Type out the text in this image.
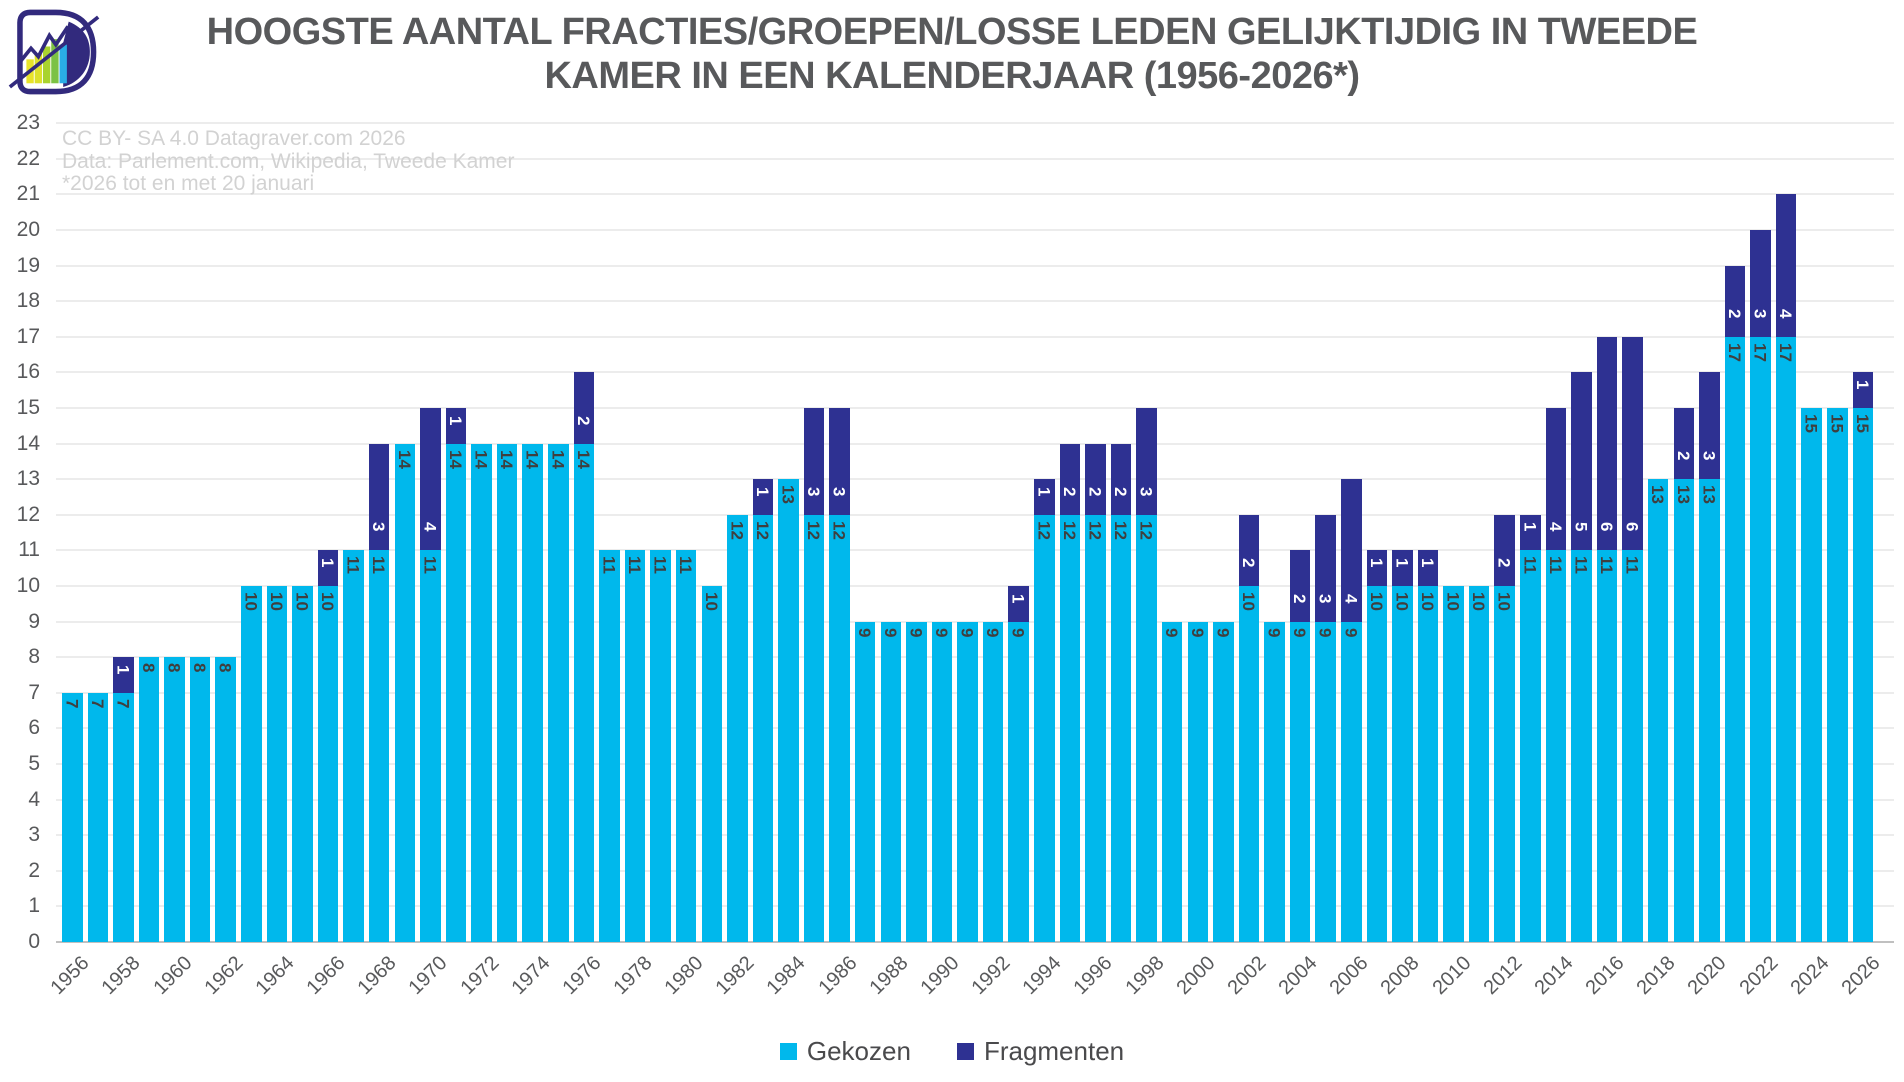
HOOGSTE AANTAL FRACTIES/GROEPEN/LOSSE LEDEN GELIJKTIJDIG IN TWEEDE
KAMER IN EEN KALENDERJAAR (1956-2026*)
CC BY- SA 4.0 Datagraver.com 2026
Data: Parlement.com, Wikipedia, Tweede Kamer
*2026 tot en met 20 januari
Gekozen	Fragmenten
0
1
2
3
4
5
6
7
8
9
10
11
12
13
14
15
16
17
18
19
20
21
22
23
7
1956
7 7
1
1958
8 8
1960
8 8
1962
10 10
1964
10 10
1
1966
11 11
3
1968
14
11
4
1970
14
1
14
1972
14 14
1974
14 14
2
1976
11 11
1978
11 11
1980
10
12
1982
12
1 13
1984
12
3
12
3
1986
9 9
1988
9 9
1990
9 9
1992
9
1
12
1
1994
12
2
12
2
1996
12
2
12
3
1998
9 9
2000
9
10
2
2002
9 9
2
2004
9
3
9
4
2006
10
1
10
1
2008
10
1
10
2010
10 10
2
2012
11
1
11
4
2014
11
5
11
6
2016
11
6
13
2018
13
2
13
3
2020
17
2
17
3
2022
17
4
15
2024
15 15
1
2026
